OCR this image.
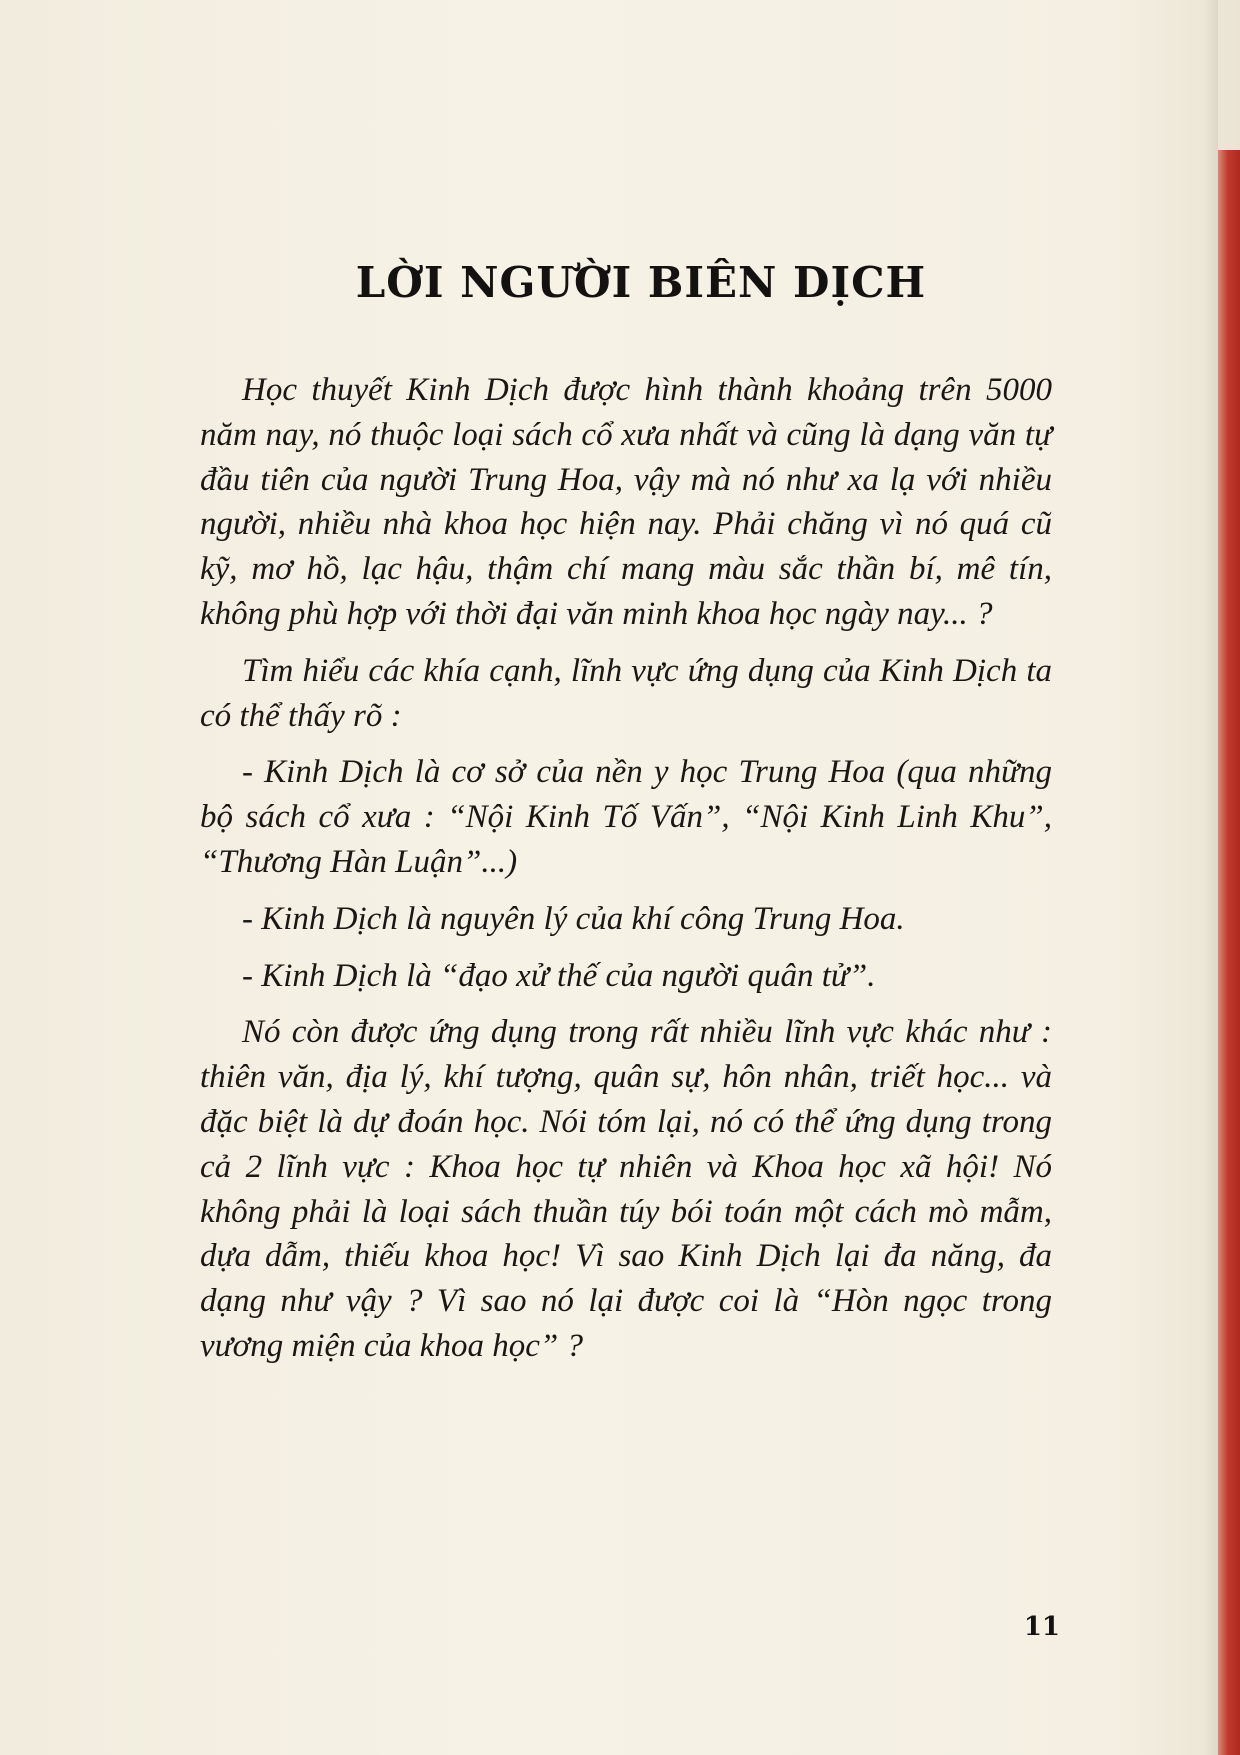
LỜI NGƯỜI BIÊN DỊCH

Học thuyết Kinh Dịch được hình thành khoảng trên 5000 năm nay, nó thuộc loại sách cổ xưa nhất và cũng là dạng văn tự đầu tiên của người Trung Hoa, vậy mà nó như xa lạ với nhiều người, nhiều nhà khoa học hiện nay. Phải chăng vì nó quá cũ kỹ, mơ hồ, lạc hậu, thậm chí mang màu sắc thần bí, mê tín, không phù hợp với thời đại văn minh khoa học ngày nay... ?

Tìm hiểu các khía cạnh, lĩnh vực ứng dụng của Kinh Dịch ta có thể thấy rõ :

- Kinh Dịch là cơ sở của nền y học Trung Hoa (qua những bộ sách cổ xưa : “Nội Kinh Tố Vấn”, “Nội Kinh Linh Khu”, “Thương Hàn Luận”...)

- Kinh Dịch là nguyên lý của khí công Trung Hoa.

- Kinh Dịch là “đạo xử thế của người quân tử”.

Nó còn được ứng dụng trong rất nhiều lĩnh vực khác như : thiên văn, địa lý, khí tượng, quân sự, hôn nhân, triết học... và đặc biệt là dự đoán học. Nói tóm lại, nó có thể ứng dụng trong cả 2 lĩnh vực : Khoa học tự nhiên và Khoa học xã hội! Nó không phải là loại sách thuần túy bói toán một cách mò mẫm, dựa dẫm, thiếu khoa học! Vì sao Kinh Dịch lại đa năng, đa dạng như vậy ? Vì sao nó lại được coi là “Hòn ngọc trong vương miện của khoa học” ?

11
